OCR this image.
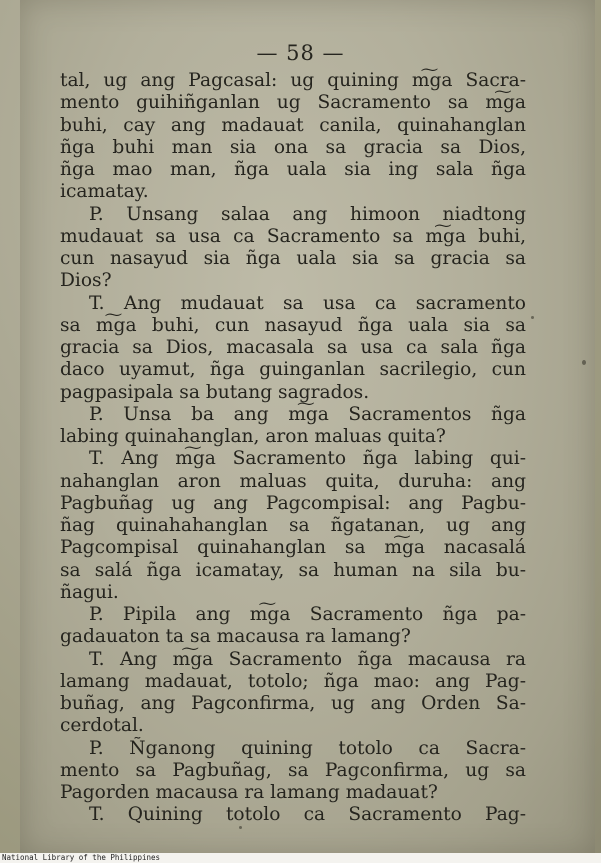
— 58 —
tal, ug ang Pagcasal: ug quining m͠ga Sacra-
mento guihiñganlan ug Sacramento sa m͠ga
buhi, cay ang madauat canila, quinahanglan
ñga buhi man sia ona sa gracia sa Dios,
ñga mao man, ñga uala sia ing sala ñga
icamatay.
P. Unsang salaa ang himoon niadtong
mudauat sa usa ca Sacramento sa m͠ga buhi,
cun nasayud sia ñga uala sia sa gracia sa
Dios?
T. Ang mudauat sa usa ca sacramento
sa m͠ga buhi, cun nasayud ñga uala sia sa
gracia sa Dios, macasala sa usa ca sala ñga
daco uyamut, ñga guinganlan sacrilegio, cun
pagpasipala sa butang sagrados.
P. Unsa ba ang m͠ga Sacramentos ñga
labing quinahanglan, aron maluas quita?
T. Ang m͠ga Sacramento ñga labing qui-
nahanglan aron maluas quita, duruha: ang
Pagbuñag ug ang Pagcompisal: ang Pagbu-
ñag quinahahanglan sa ñgatanan, ug ang
Pagcompisal quinahanglan sa m͠ga nacasalá
sa salá ñga icamatay, sa human na sila bu-
ñagui.
P. Pipila ang m͠ga Sacramento ñga pa-
gadauaton ta sa macausa ra lamang?
T. Ang m͠ga Sacramento ñga macausa ra
lamang madauat, totolo; ñga mao: ang Pag-
buñag, ang Pagconfirma, ug ang Orden Sa-
cerdotal.
P. Ñganong quining totolo ca Sacra-
mento sa Pagbuñag, sa Pagconfirma, ug sa
Pagorden macausa ra lamang madauat?
T. Quining totolo ca Sacramento Pag-
National Library of the Philippines
